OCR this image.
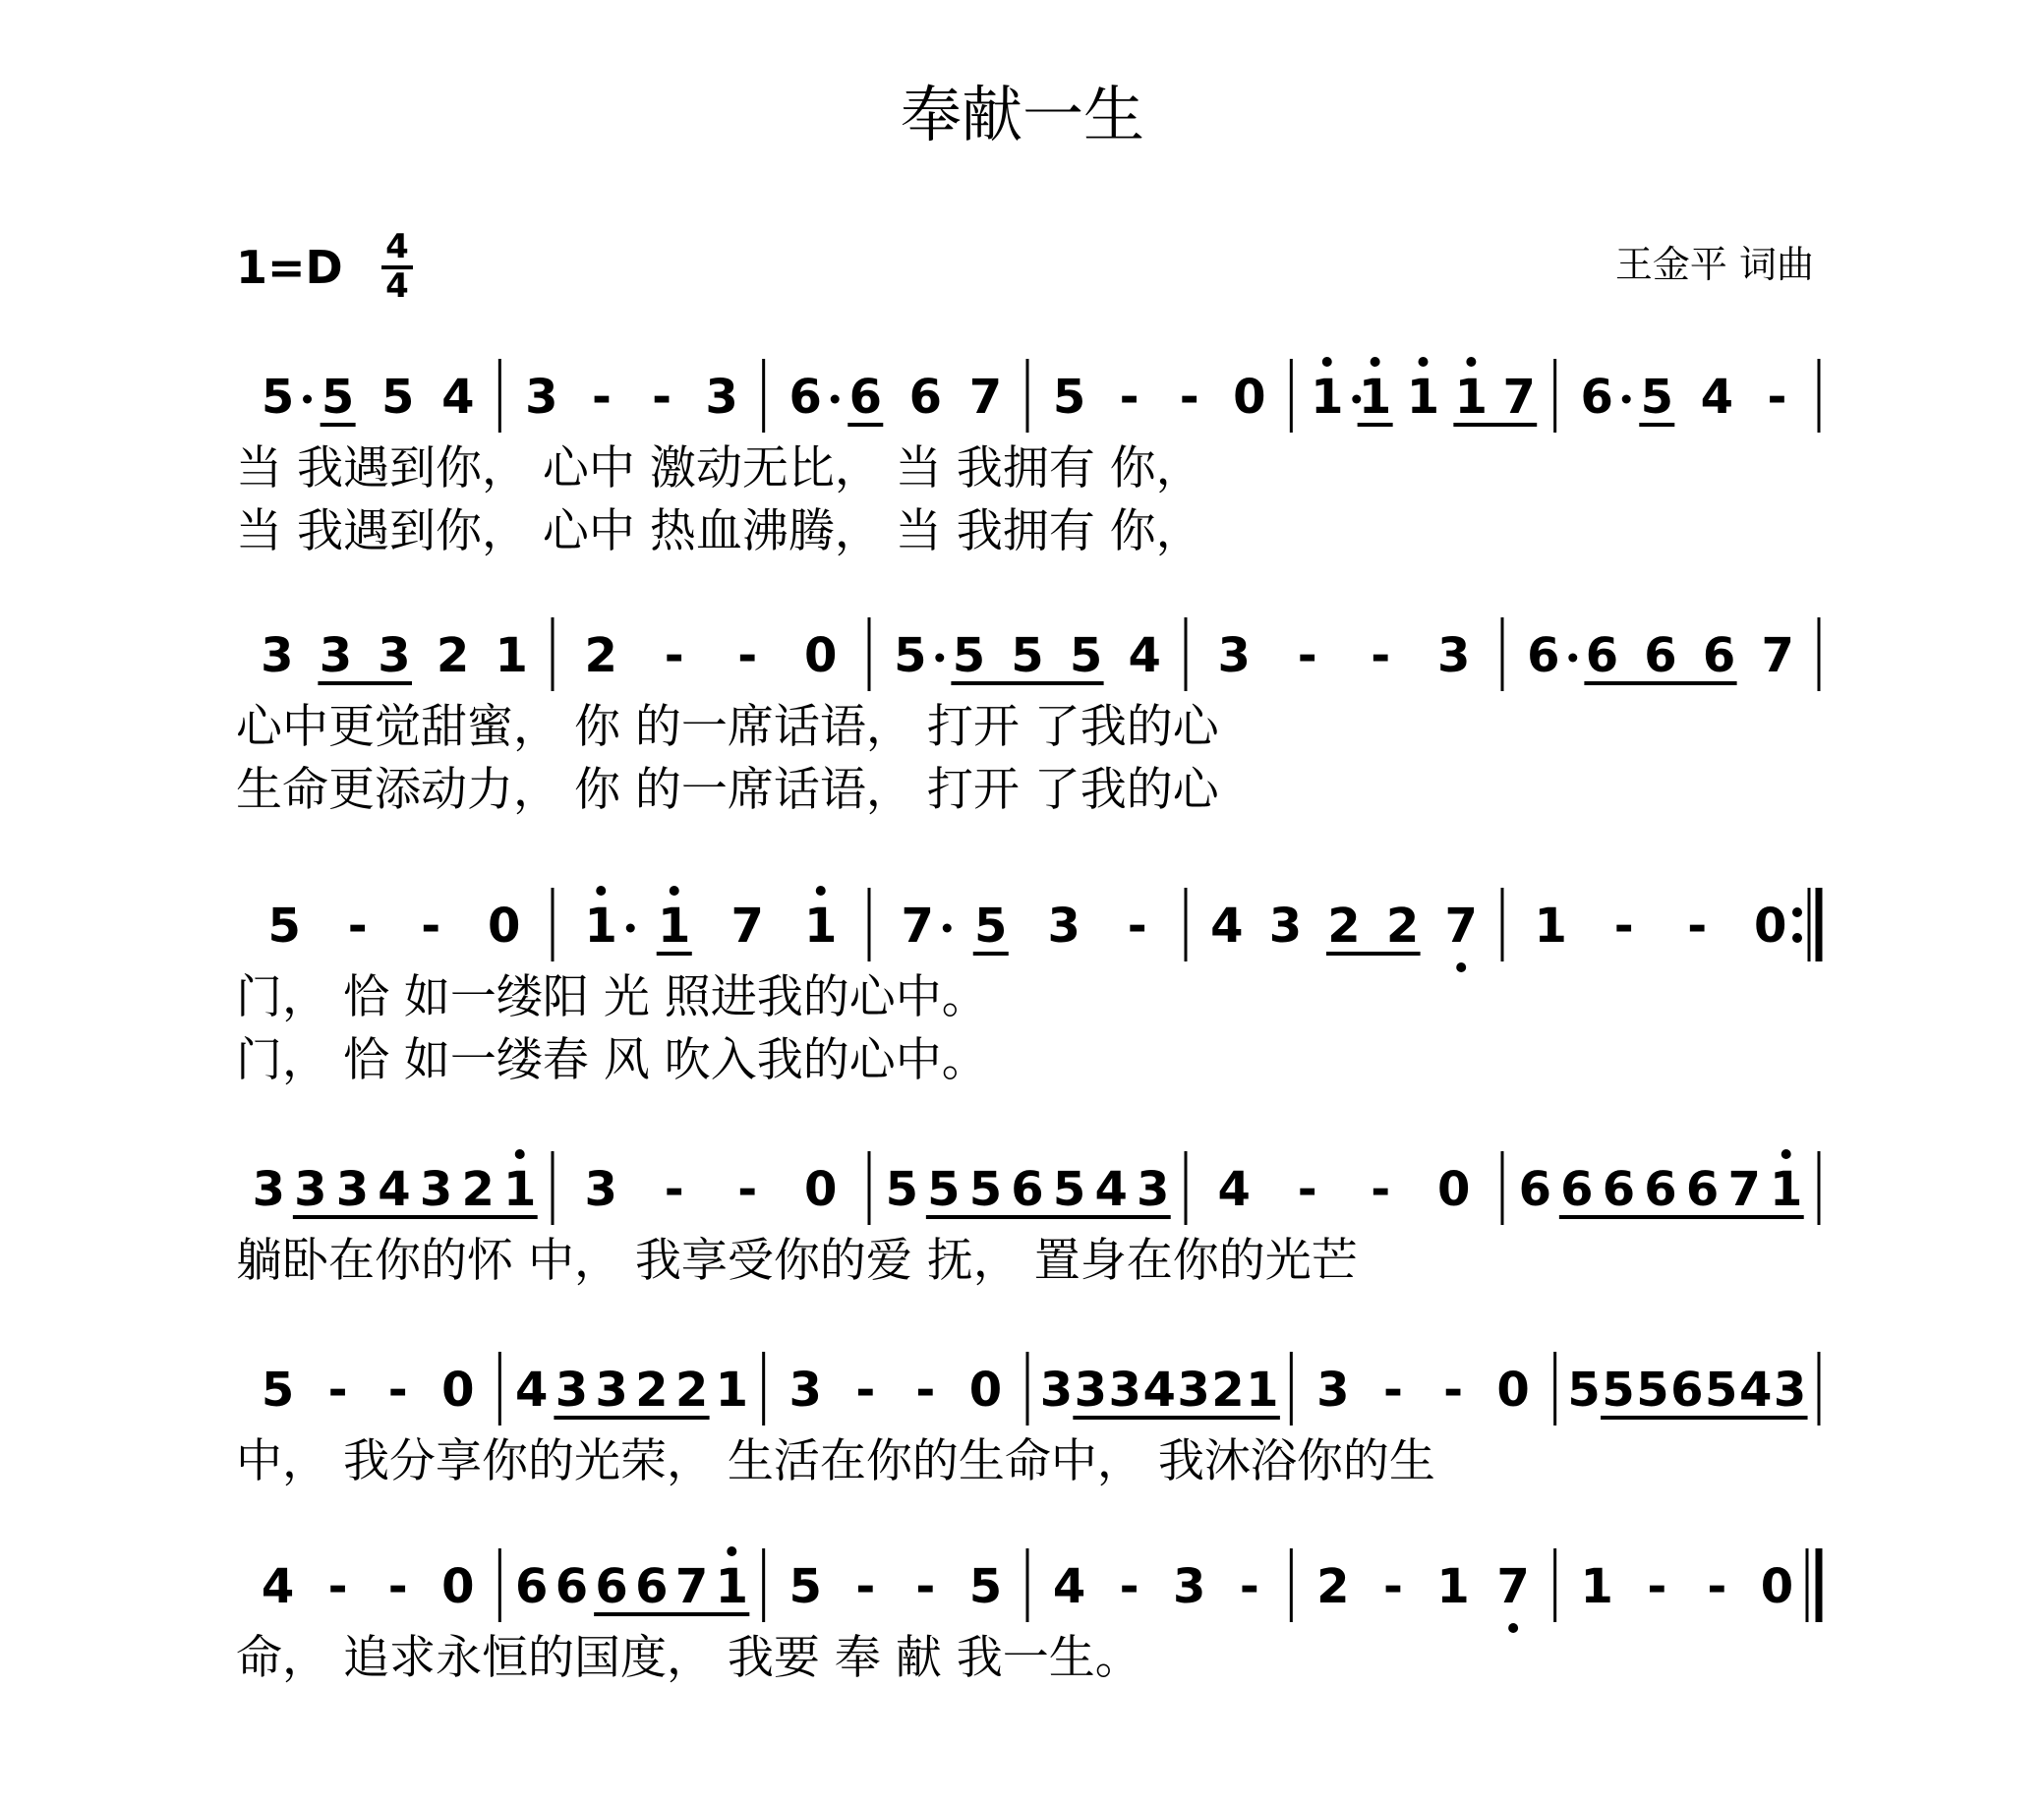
奉献一生
1=D 4
4	王金平 词曲
5 5 5 4 3 - - 3 6 6 6 7 5 - - 0 1 1 1 1 7 6 5 4 -
当 我遇到你， 心中 激动无比， 当 我拥有 你，
当 我遇到你， 心中 热血沸腾， 当 我拥有 你，
3 3 3 2 1 2 - - 0 5 5 5 5 4 3 - - 3 6 6 6 6 7
心中更觉甜蜜， 你 的一席话语， 打开 了我的心
生命更添动力， 你 的一席话语， 打开 了我的心
5 - - 0 1 1 7 1 7 5 3 - 4 3 2 2 7 1 - - 0
门， 恰 如一缕阳 光 照进我的心中。
门， 恰 如一缕春 风 吹入我的心中。
3 3 3 4 3 2 1 3 - - 0 5 5 5 6 5 4 3 4 - - 0 6 6 6 6 6 7 1
躺卧在你的怀 中， 我享受你的爱 抚， 置身在你的光芒
5 - - 0 4 3 3 2 2 1 3 - - 0 3 3 3 4 3 2 1 3 - - 0 5 5 5 6 5 4 3
中， 我分享你的光荣， 生活在你的生命中， 我沐浴你的生
4 - - 0 6 6 6 6 7 1 5 - - 5 4 - 3 - 2 - 1 7 1 - - 0
命， 追求永恒的国度， 我要 奉 献 我一生。
